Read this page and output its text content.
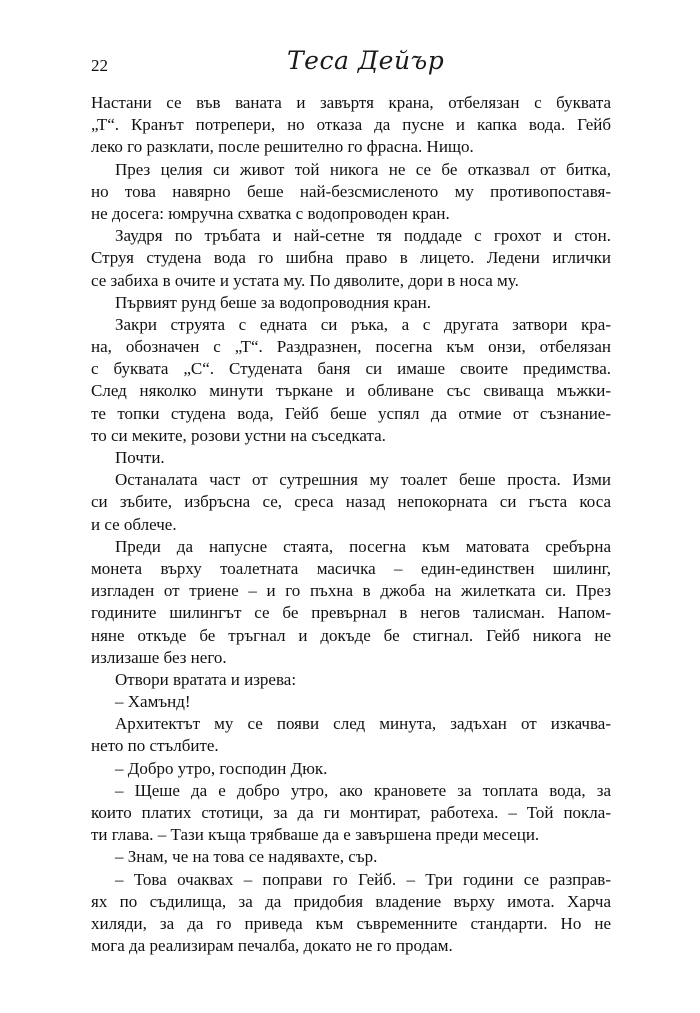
22	Теса Дейър
Настани се във ваната и завъртя крана, отбелязан с буквата
„Т“. Кранът потрепери, но отказа да пусне и капка вода. Гейб
леко го разклати, после решително го фрасна. Нищо.
През целия си живот той никога не се бе отказвал от битка,
но това навярно беше най-безсмисленото му противопоставя-
не досега: юмручна схватка с водопроводен кран.
Заудря по тръбата и най-сетне тя поддаде с грохот и стон.
Струя студена вода го шибна право в лицето. Ледени иглички
се забиха в очите и устата му. По дяволите, дори в носа му.
Първият рунд беше за водопроводния кран.
Закри струята с едната си ръка, а с другата затвори кра-
на, обозначен с „Т“. Раздразнен, посегна към онзи, отбелязан
с буквата „С“. Студената баня си имаше своите предимства.
След няколко минути търкане и обливане със свиваща мъжки-
те топки студена вода, Гейб беше успял да отмие от съзнание-
то си меките, розови устни на съседката.
Почти.
Останалата част от сутрешния му тоалет беше проста. Изми
си зъбите, избръсна се, среса назад непокорната си гъста коса
и се облече.
Преди да напусне стаята, посегна към матовата сребърна
монета върху тоалетната масичка – един-единствен шилинг,
изгладен от триене – и го пъхна в джоба на жилетката си. През
годините шилингът се бе превърнал в негов талисман. Напом-
няне откъде бе тръгнал и докъде бе стигнал. Гейб никога не
излизаше без него.
Отвори вратата и изрева:
– Хамънд!
Архитектът му се появи след минута, задъхан от изкачва-
нето по стълбите.
– Добро утро, господин Дюк.
– Щеше да е добро утро, ако крановете за топлата вода, за
които платих стотици, за да ги монтират, работеха. – Той покла-
ти глава. – Тази къща трябваше да е завършена преди месеци.
– Знам, че на това се надявахте, сър.
– Това очаквах – поправи го Гейб. – Три години се разправ-
ях по съдилища, за да придобия владение върху имота. Харча
хиляди, за да го приведа към съвременните стандарти. Но не
мога да реализирам печалба, докато не го продам.
